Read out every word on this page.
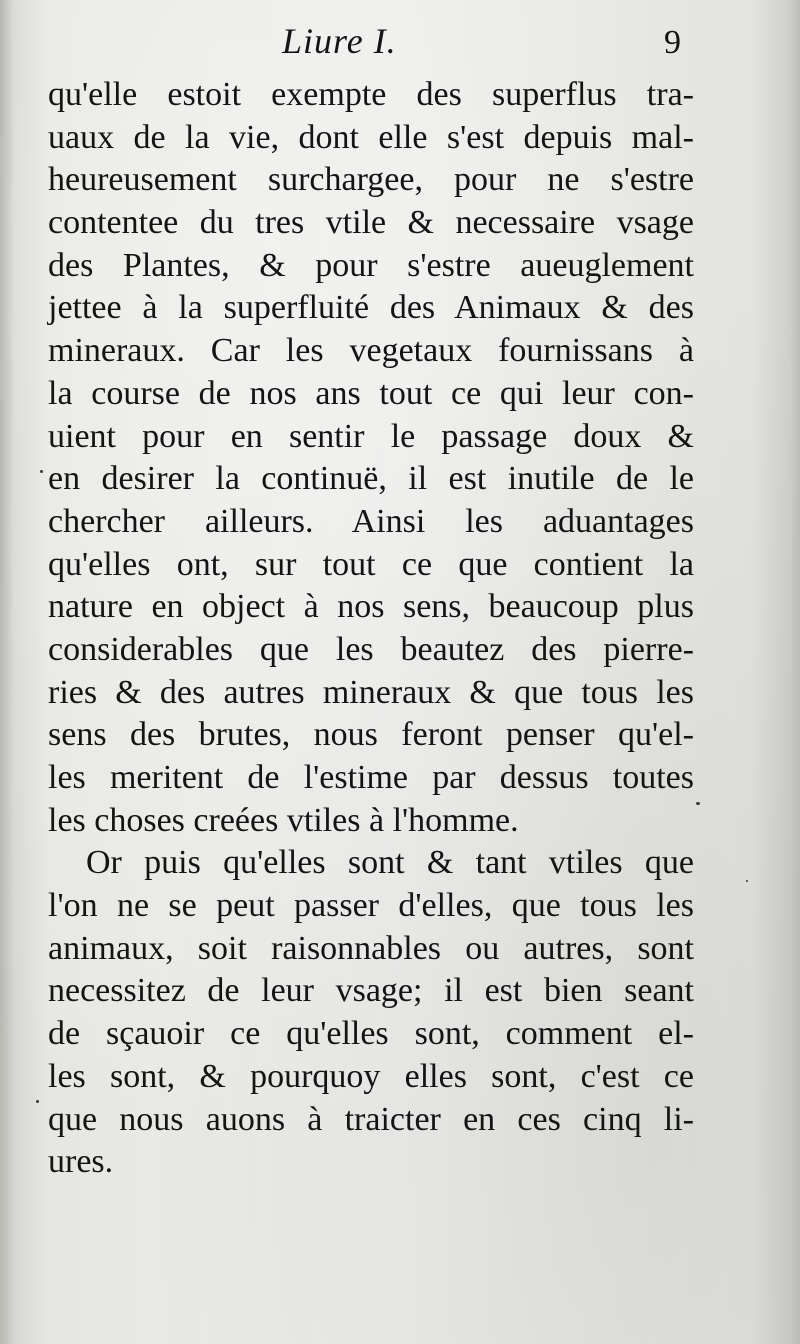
Liure I.	9
qu'elle estoit exempte des superflus tra-
uaux de la vie, dont elle s'est depuis mal-
heureusement surchargee, pour ne s'estre
contentee du tres vtile & necessaire vsage
des Plantes, & pour s'estre aueuglement
jettee à la superfluité des Animaux & des
mineraux. Car les vegetaux fournissans à
la course de nos ans tout ce qui leur con-
uient pour en sentir le passage doux &
en desirer la continuë, il est inutile de le
chercher ailleurs. Ainsi les aduantages
qu'elles ont, sur tout ce que contient la
nature en object à nos sens, beaucoup plus
considerables que les beautez des pierre-
ries & des autres mineraux & que tous les
sens des brutes, nous feront penser qu'el-
les meritent de l'estime par dessus toutes
les choses creées vtiles à l'homme.
Or puis qu'elles sont & tant vtiles que
l'on ne se peut passer d'elles, que tous les
animaux, soit raisonnables ou autres, sont
necessitez de leur vsage; il est bien seant
de sçauoir ce qu'elles sont, comment el-
les sont, & pourquoy elles sont, c'est ce
que nous auons à traicter en ces cinq li-
ures.
